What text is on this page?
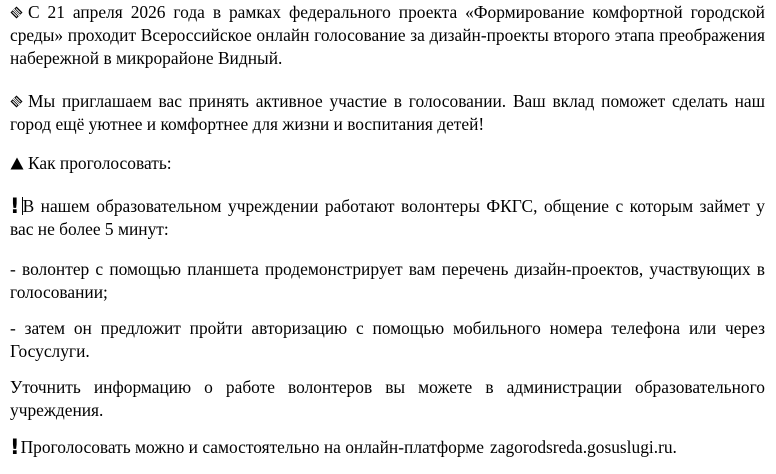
С 21 апреля 2026 года в рамках федерального проекта «Формирование комфортной городской среды» проходит Всероссийское онлайн голосование за дизайн-проекты второго этапа преображения набережной в микрорайоне Видный.

Мы приглашаем вас принять активное участие в голосовании. Ваш вклад поможет сделать наш город ещё уютнее и комфортнее для жизни и воспитания детей!

Как проголосовать:

! В нашем образовательном учреждении работают волонтеры ФКГС, общение с которым займет у вас не более 5 минут:

- волонтер с помощью планшета продемонстрирует вам перечень дизайн-проектов, участвующих в голосовании;

- затем он предложит пройти авторизацию с помощью мобильного номера телефона или через Госуслуги.

Уточнить информацию о работе волонтеров вы можете в администрации образовательного учреждения.

!Проголосовать можно и самостоятельно на онлайн-платформе zagorodsreda.gosuslugi.ru.
